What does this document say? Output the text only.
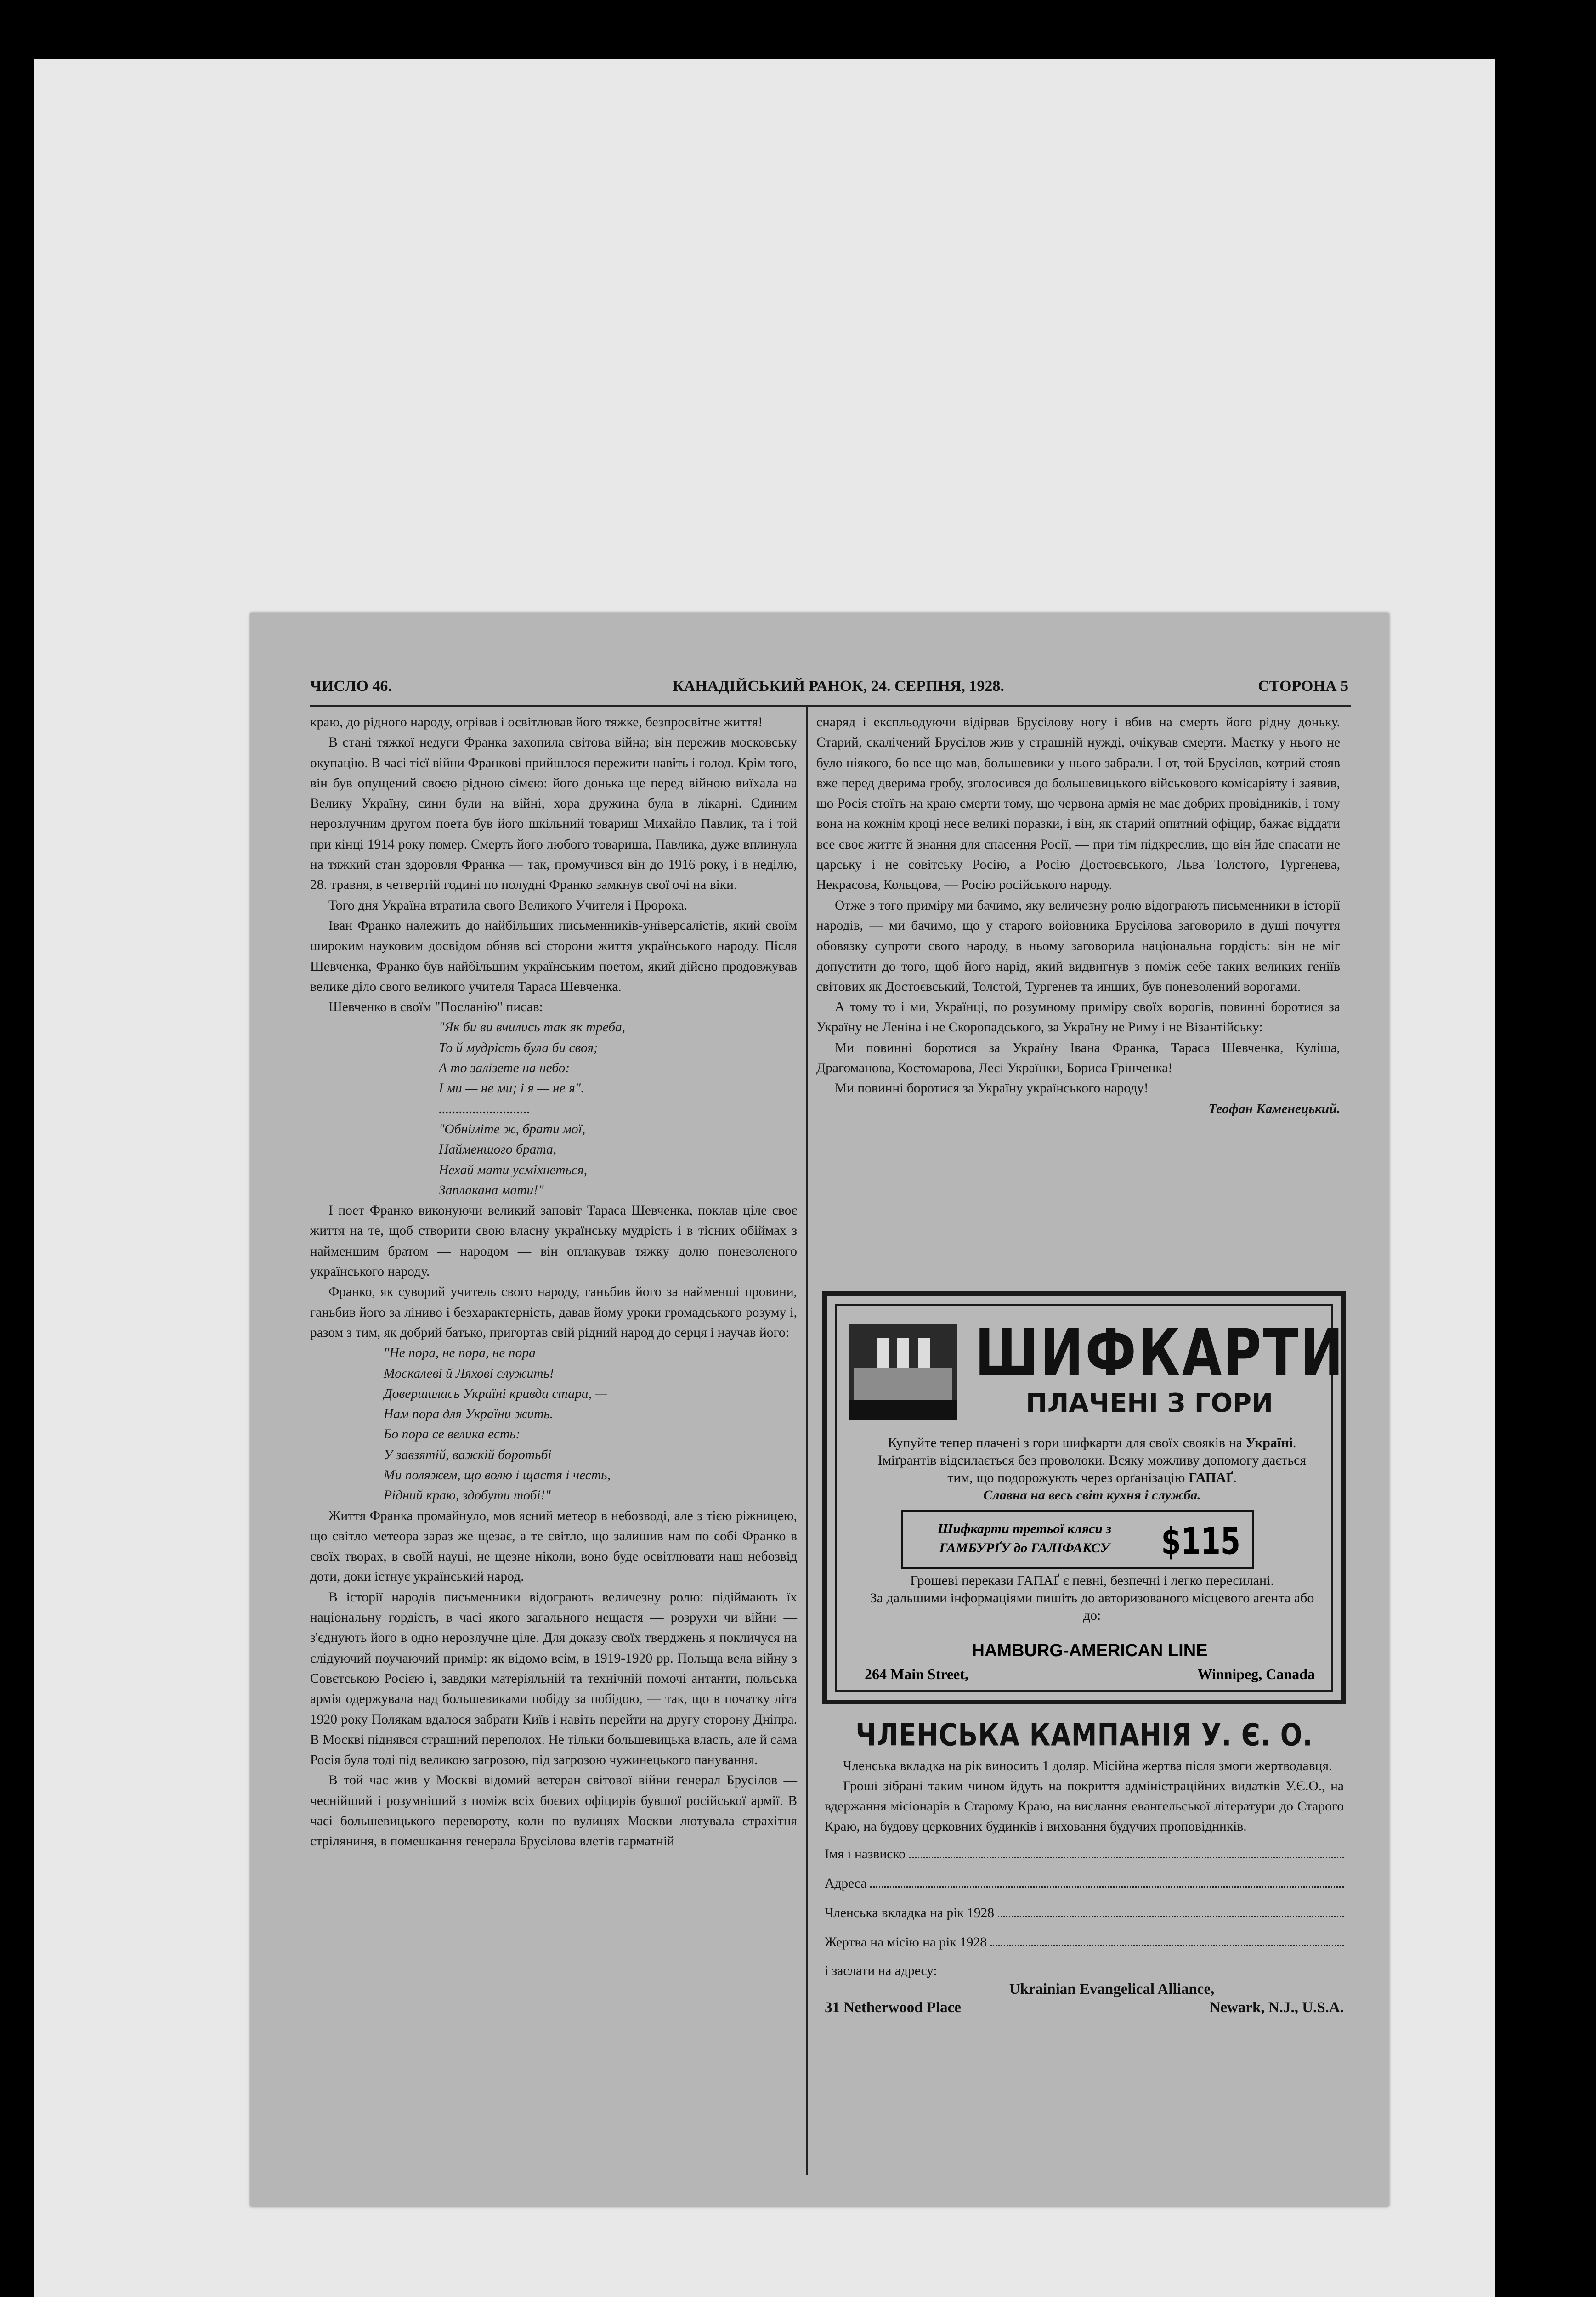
ЧИСЛО 46.	КАНАДІЙСЬКИЙ РАНОК, 24. СЕРПНЯ, 1928.	СТОРОНА 5

краю, до рідного народу, огрівав і освітлював його тяжке, безпросвітне життя!

В стані тяжкої недуги Франка захопила світова війна; він пережив московську окупацію. В часі тієї війни Франкові прийшлося пережити навіть і голод. Крім того, він був опущений своєю рідною сімєю: його донька ще перед війною виїхала на Велику Україну, сини були на війні, хора дружина була в лікарні. Єдиним нерозлучним другом поета був його шкільний товариш Михайло Павлик, та і той при кінці 1914 року помер. Смерть його любого товариша, Павлика, дуже вплинула на тяжкий стан здоровля Франка — так, промучився він до 1916 року, і в неділю, 28. травня, в четвертій годині по полудні Франко замкнув свої очі на віки.

Того дня Україна втратила свого Великого Учителя і Пророка.

Іван Франко належить до найбільших письменників-універсалістів, який своїм широким науковим досвідом обняв всі сторони життя українського народу. Після Шевченка, Франко був найбільшим українським поетом, який дійсно продовжував велике діло свого великого учителя Тараса Шевченка.

Шевченко в своїм "Посланію" писав:

"Як би ви вчились так як треба,
То й мудрість була би своя;
А то залізете на небо:
І ми — не ми; і я — не я".
...........................
"Обніміте ж, брати мої,
Найменшого брата,
Нехай мати усміхнеться,
Заплакана мати!"

І поет Франко виконуючи великий заповіт Тараса Шевченка, поклав ціле своє життя на те, щоб створити свою власну українську мудрість і в тісних обіймах з найменшим братом — народом — він оплакував тяжку долю поневоленого українського народу.

Франко, як суворий учитель свого народу, ганьбив його за найменші провини, ганьбив його за ліниво і безхарактерність, давав йому уроки громадського розуму і, разом з тим, як добрий батько, пригортав свій рідний народ до серця і научав його:

"Не пора, не пора, не пора
Москалеві й Ляхові служить!
Довершилась Україні кривда стара, —
Нам пора для України жить.
Бо пора се велика есть:
У завзятій, важкій боротьбі
Ми поляжем, що волю і щастя і честь,
Рідний краю, здобути тобі!"

Життя Франка промайнуло, мов ясний метеор в небозводі, але з тією ріжницею, що світло метеора зараз же щезає, а те світло, що залишив нам по собі Франко в своїх творах, в своїй науці, не щезне ніколи, воно буде освітлювати наш небозвід доти, доки істнує український народ.

В історії народів письменники відограють величезну ролю: підіймають їх національну гордість, в часі якого загального нещастя — розрухи чи війни — з'єднують його в одно нерозлучне ціле. Для доказу своїх тверджень я покличуся на слідуючий поучаючий примір: як відомо всім, в 1919-1920 рр. Польща вела війну з Совєтською Росією і, завдяки матеріяльній та технічній помочі антанти, польська армія одержувала над большевиками побіду за побідою, — так, що в початку літа 1920 року Полякам вдалося забрати Київ і навіть перейти на другу сторону Дніпра. В Москві піднявся страшний переполох. Не тільки большевицька власть, але й сама Росія була тоді під великою загрозою, під загрозою чужинецького панування.

В той час жив у Москві відомий ветеран світової війни генерал Брусілов — чеснійший і розумніший з поміж всіх боєвих офіцирів бувшої російської армії. В часі большевицького перевороту, коли по вулицях Москви лютувала страхітня стріляниня, в помешкання генерала Брусілова влетів гарматній

снаряд і експльодуючи відірвав Брусілову ногу і вбив на смерть його рідну доньку. Старий, скалічений Брусілов жив у страшній нужді, очікував смерти. Маєтку у нього не було ніякого, бо все що мав, большевики у нього забрали. І от, той Брусілов, котрий стояв вже перед дверима гробу, зголосився до большевицького військового комісаріяту і заявив, що Росія стоїть на краю смерти тому, що червона армія не має добрих провідників, і тому вона на кожнім кроці несе великі поразки, і він, як старий опитний офіцир, бажає віддати все своє життє й знання для спасення Росії, — при тім підкреслив, що він йде спасати не царську і не совітську Росію, а Росію Достоєвського, Льва Толстого, Тургенева, Некрасова, Кольцова, — Росію російського народу.

Отже з того приміру ми бачимо, яку величезну ролю відограють письменники в історії народів, — ми бачимо, що у старого войовника Брусілова заговорило в душі почуття обовязку супроти свого народу, в ньому заговорила національна гордість: він не міг допустити до того, щоб його нарід, який видвигнув з поміж себе таких великих геніїв світових як Достоєвський, Толстой, Тургенев та инших, був поневолений ворогами.

А тому то і ми, Українці, по розумному приміру своїх ворогів, повинні боротися за Україну не Леніна і не Скоропадського, за Україну не Риму і не Візантійську:

Ми повинні боротися за Україну Івана Франка, Тараса Шевченка, Куліша, Драгоманова, Костомарова, Лесі Українки, Бориса Грінченка!

Ми повинні боротися за Україну українського народу!

Теофан Каменецький.

ШИФКАРТИ
ПЛАЧЕНІ З ГОРИ
Купуйте тепер плачені з гори шифкарти для своїх свояків на Україні. Іміґрантів відсилається без проволоки. Всяку можливу допомогу дається тим, що подорожують через орґанізацію ГАПАҐ.
Славна на весь світ кухня і служба.
Шифкарти третьої кляси з ГАМБУРҐУ до ГАЛІФАКСУ	$115
Грошеві перекази ГАПАҐ є певні, безпечні і легко пересилані.
За дальшими інформаціями пишіть до авторизованого місцевого агента або до:
HAMBURG-AMERICAN LINE
264 Main Street,	Winnipeg, Canada
ЧЛЕНСЬКА КАМПАНІЯ У. Є. О.

Членська вкладка на рік виносить 1 доляр. Місійна жертва після змоги жертводавця.

Гроші зібрані таким чином йдуть на покриття адміністраційних видатків У.Є.О., на вдержання місіонарів в Старому Краю, на вислання евангельської літератури до Старого Краю, на будову церковних будинків і виховання будучих проповідників.

Імя і назвиско
Адреса
Членська вкладка на рік 1928
Жертва на місію на рік 1928
і заслати на адресу:
Ukrainian Evangelical Alliance,
31 Netherwood Place	Newark, N.J., U.S.A.
